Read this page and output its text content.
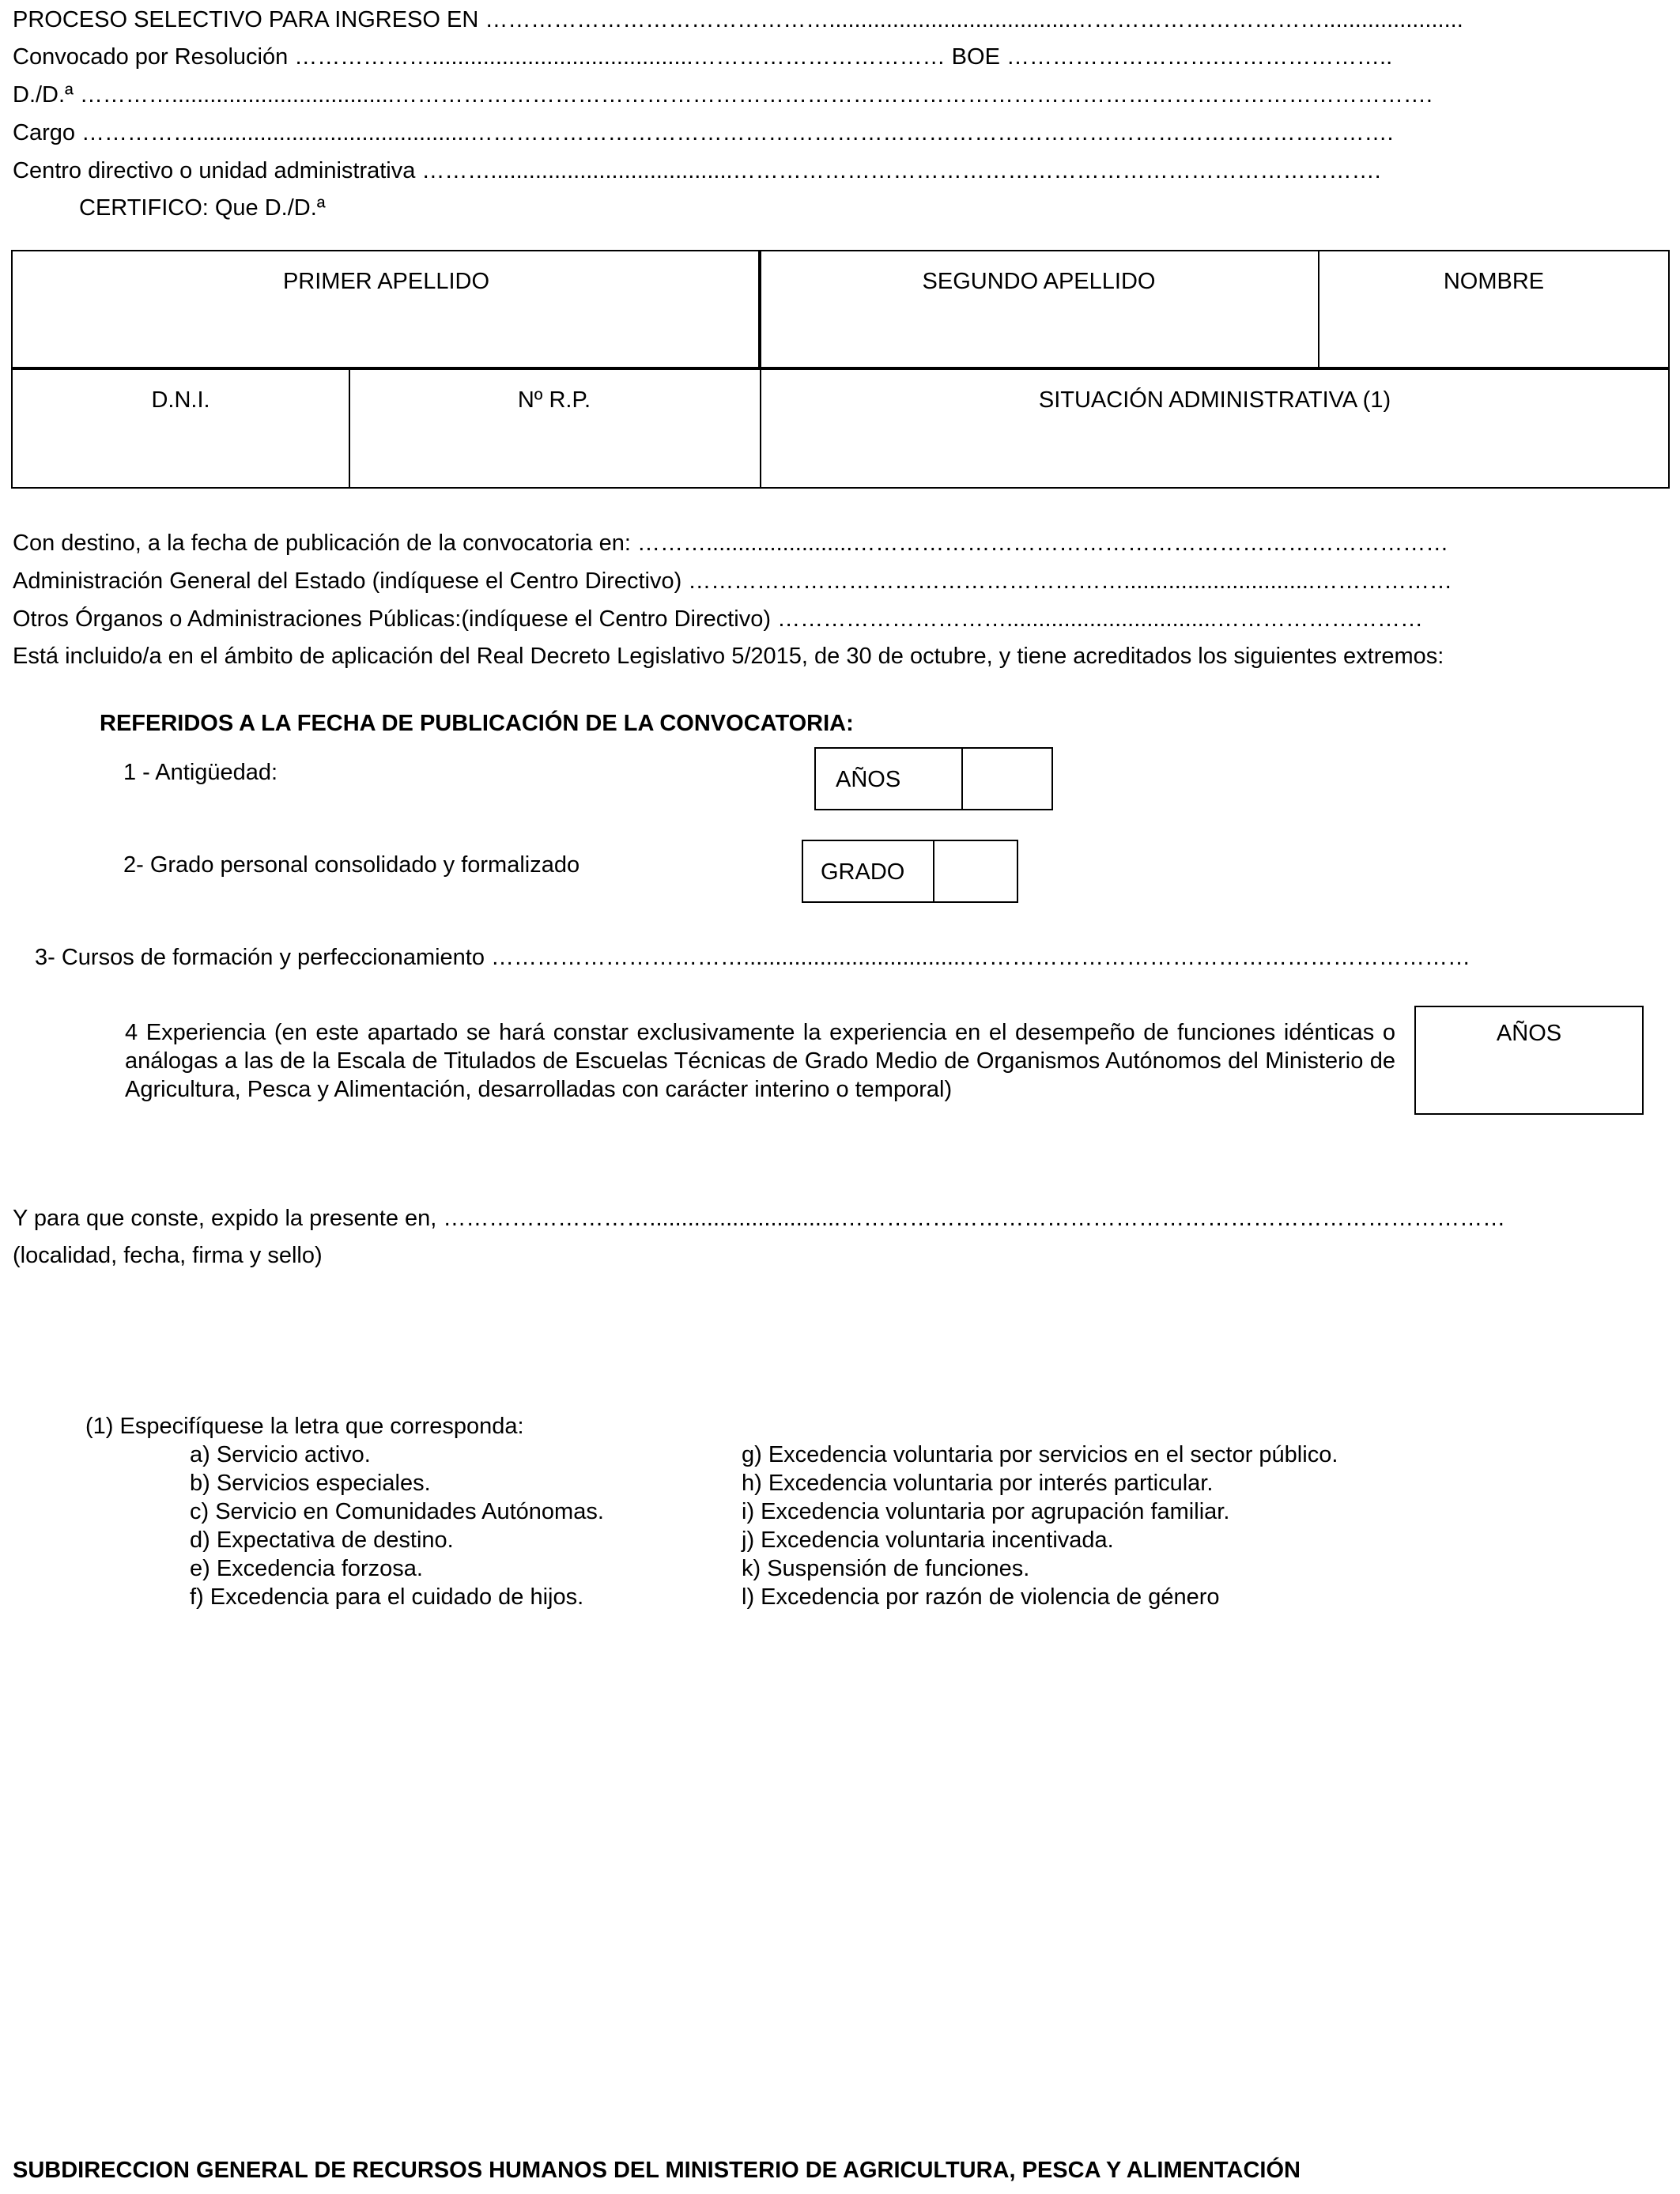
PROCESO SELECTIVO PARA INGRESO EN ………………………………………......................................……………………………......................
Convocado por Resolución ……………….........................................…………………………… BOE ……………………….…………………..
D./D.ª …………...................................……………………………………………………………………………………………………………………….
Cargo ……………...........................................………………………………………………………………………………………………………….
Centro directivo o unidad administrativa ………......................................………………………………………………………………………….
CERTIFICO: Que D./D.ª
PRIMER APELLIDO	SEGUNDO APELLIDO	NOMBRE
D.N.I.	Nº R.P.	SITUACIÓN ADMINISTRATIVA (1)
Con destino, a la fecha de publicación de la convocatoria en: ……….......................……………………………………………………………………
Administración General del Estado (indíquese el Centro Directivo) …………………………………………………..............................………………
Otros Órganos o Administraciones Públicas:(indíquese el Centro Directivo) ………………………….................................………………………
Está incluido/a en el ámbito de aplicación del Real Decreto Legislativo 5/2015, de 30 de octubre, y tiene acreditados los siguientes extremos:
REFERIDOS A LA FECHA DE PUBLICACIÓN DE LA CONVOCATORIA:
1 - Antigüedad:	AÑOS
2- Grado personal consolidado y formalizado	GRADO
3- Cursos de formación y perfeccionamiento ……………………………...................................…………………………………………………………
4 Experiencia (en este apartado se hará constar exclusivamente la experiencia en el desempeño de funciones idénticas o análogas a las de la Escala de Titulados de Escuelas Técnicas de Grado Medio de Organismos Autónomos del Ministerio de Agricultura, Pesca y Alimentación, desarrolladas con carácter interino o temporal)
AÑOS
Y para que conste, expido la presente en, ………………………..............................……………………………………………………………………………
(localidad, fecha, firma y sello)
(1) Especifíquese la letra que corresponda:
a) Servicio activo.
b) Servicios especiales.
c) Servicio en Comunidades Autónomas.
d) Expectativa de destino.
e) Excedencia forzosa.
f) Excedencia para el cuidado de hijos.
g) Excedencia voluntaria por servicios en el sector público.
h) Excedencia voluntaria por interés particular.
i) Excedencia voluntaria por agrupación familiar.
j) Excedencia voluntaria incentivada.
k) Suspensión de funciones.
l) Excedencia por razón de violencia de género
SUBDIRECCION GENERAL DE RECURSOS HUMANOS DEL MINISTERIO DE AGRICULTURA, PESCA Y ALIMENTACIÓN
